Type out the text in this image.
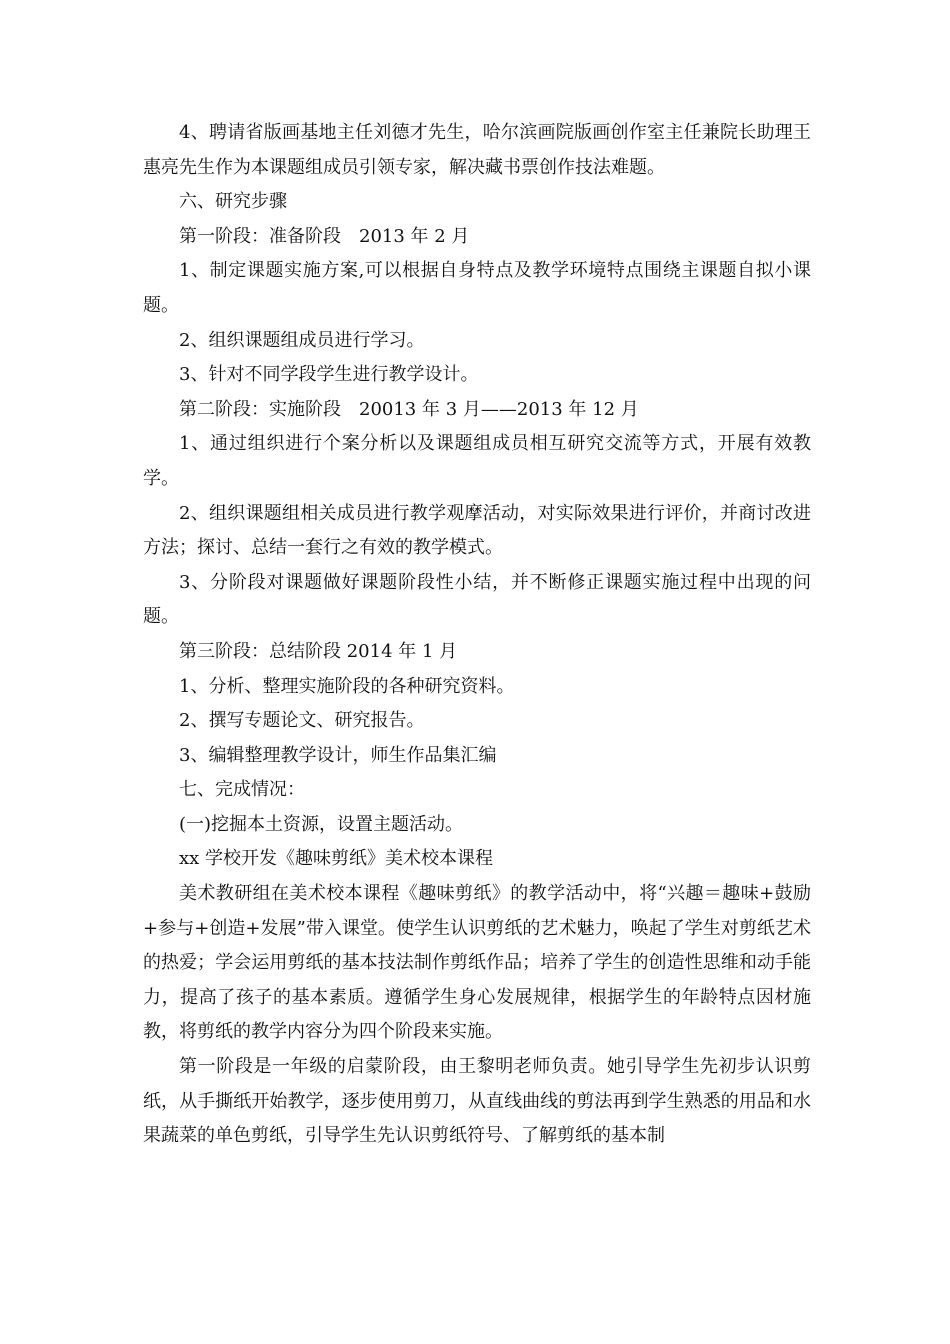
4、聘请省版画基地主任刘德才先生，哈尔滨画院版画创作室主任兼院长助理王惠亮先生作为本课题组成员引领专家，解决藏书票创作技法难题。

六、研究步骤

第一阶段：准备阶段　2013 年 2 月

1、制定课题实施方案,可以根据自身特点及教学环境特点围绕主课题自拟小课题。

2、组织课题组成员进行学习。

3、针对不同学段学生进行教学设计。

第二阶段：实施阶段　20013 年 3 月——2013 年 12 月

1、通过组织进行个案分析以及课题组成员相互研究交流等方式，开展有效教学。

2、组织课题组相关成员进行教学观摩活动，对实际效果进行评价，并商讨改进方法；探讨、总结一套行之有效的教学模式。

3、分阶段对课题做好课题阶段性小结，并不断修正课题实施过程中出现的问题。

第三阶段：总结阶段 2014 年 1 月

1、分析、整理实施阶段的各种研究资料。

2、撰写专题论文、研究报告。

3、编辑整理教学设计，师生作品集汇编

七、完成情况：

(一)挖掘本土资源，设置主题活动。

xx 学校开发《趣味剪纸》美术校本课程

美术教研组在美术校本课程《趣味剪纸》的教学活动中，将“兴趣＝趣味+鼓励+参与+创造+发展”带入课堂。使学生认识剪纸的艺术魅力，唤起了学生对剪纸艺术的热爱；学会运用剪纸的基本技法制作剪纸作品；培养了学生的创造性思维和动手能力，提高了孩子的基本素质。遵循学生身心发展规律，根据学生的年龄特点因材施教，将剪纸的教学内容分为四个阶段来实施。

第一阶段是一年级的启蒙阶段，由王黎明老师负责。她引导学生先初步认识剪纸，从手撕纸开始教学，逐步使用剪刀，从直线曲线的剪法再到学生熟悉的用品和水果蔬菜的单色剪纸，引导学生先认识剪纸符号、了解剪纸的基本制
